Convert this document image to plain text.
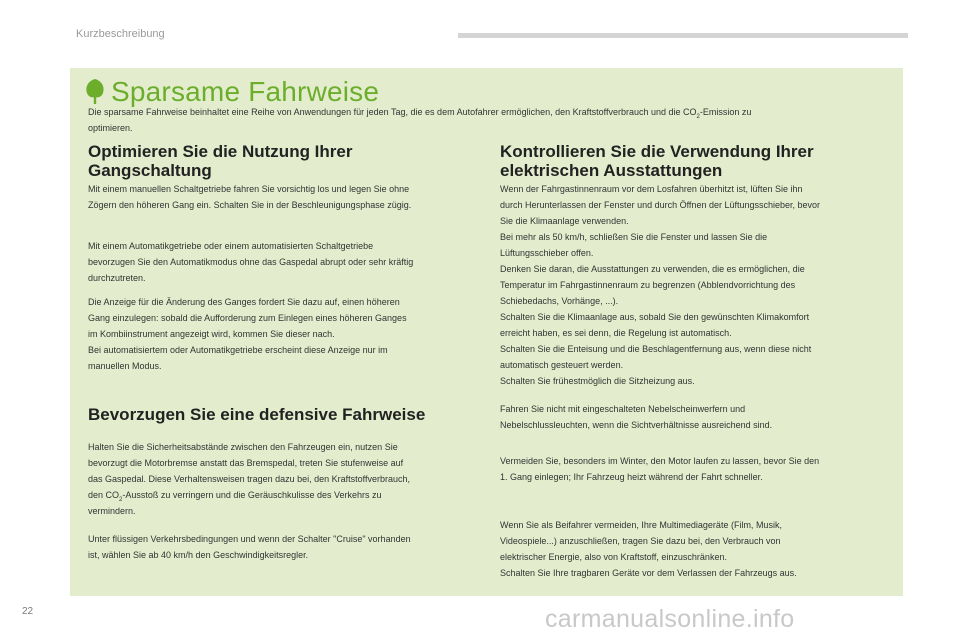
Kurzbeschreibung
Sparsame Fahrweise
Die sparsame Fahrweise beinhaltet eine Reihe von Anwendungen für jeden Tag, die es dem Autofahrer ermöglichen, den Kraftstoffverbrauch und die $CO_2$-Emission zu
optimieren.
Optimieren Sie die Nutzung Ihrer
Gangschaltung
Mit einem manuellen Schaltgetriebe fahren Sie vorsichtig los und legen Sie ohne
Zögern den höheren Gang ein. Schalten Sie in der Beschleunigungsphase zügig.
Mit einem Automatikgetriebe oder einem automatisierten Schaltgetriebe
bevorzugen Sie den Automatikmodus ohne das Gaspedal abrupt oder sehr kräftig
durchzutreten.
Die Anzeige für die Änderung des Ganges fordert Sie dazu auf, einen höheren
Gang einzulegen: sobald die Aufforderung zum Einlegen eines höheren Ganges
im Kombiinstrument angezeigt wird, kommen Sie dieser nach.
Bei automatisiertem oder Automatikgetriebe erscheint diese Anzeige nur im
manuellen Modus.
Bevorzugen Sie eine defensive Fahrweise
Halten Sie die Sicherheitsabstände zwischen den Fahrzeugen ein, nutzen Sie
bevorzugt die Motorbremse anstatt das Bremspedal, treten Sie stufenweise auf
das Gaspedal. Diese Verhaltensweisen tragen dazu bei, den Kraftstoffverbrauch,
den $CO_2$-Ausstoß zu verringern und die Geräuschkulisse des Verkehrs zu
vermindern.
Unter flüssigen Verkehrsbedingungen und wenn der Schalter "Cruise" vorhanden
ist, wählen Sie ab 40 km/h den Geschwindigkeitsregler.
Kontrollieren Sie die Verwendung Ihrer
elektrischen Ausstattungen
Wenn der Fahrgastinnenraum vor dem Losfahren überhitzt ist, lüften Sie ihn
durch Herunterlassen der Fenster und durch Öffnen der Lüftungsschieber, bevor
Sie die Klimaanlage verwenden.
Bei mehr als 50 km/h, schließen Sie die Fenster und lassen Sie die
Lüftungsschieber offen.
Denken Sie daran, die Ausstattungen zu verwenden, die es ermöglichen, die
Temperatur im Fahrgastinnenraum zu begrenzen (Abblendvorrichtung des
Schiebedachs, Vorhänge, ...).
Schalten Sie die Klimaanlage aus, sobald Sie den gewünschten Klimakomfort
erreicht haben, es sei denn, die Regelung ist automatisch.
Schalten Sie die Enteisung und die Beschlagentfernung aus, wenn diese nicht
automatisch gesteuert werden.
Schalten Sie frühestmöglich die Sitzheizung aus.
Fahren Sie nicht mit eingeschalteten Nebelscheinwerfern und
Nebelschlussleuchten, wenn die Sichtverhältnisse ausreichend sind.
Vermeiden Sie, besonders im Winter, den Motor laufen zu lassen, bevor Sie den
1. Gang einlegen; Ihr Fahrzeug heizt während der Fahrt schneller.
Wenn Sie als Beifahrer vermeiden, Ihre Multimediageräte (Film, Musik,
Videospiele...) anzuschließen, tragen Sie dazu bei, den Verbrauch von
elektrischer Energie, also von Kraftstoff, einzuschränken.
Schalten Sie Ihre tragbaren Geräte vor dem Verlassen der Fahrzeugs aus.
22	carmanualsonline.info
